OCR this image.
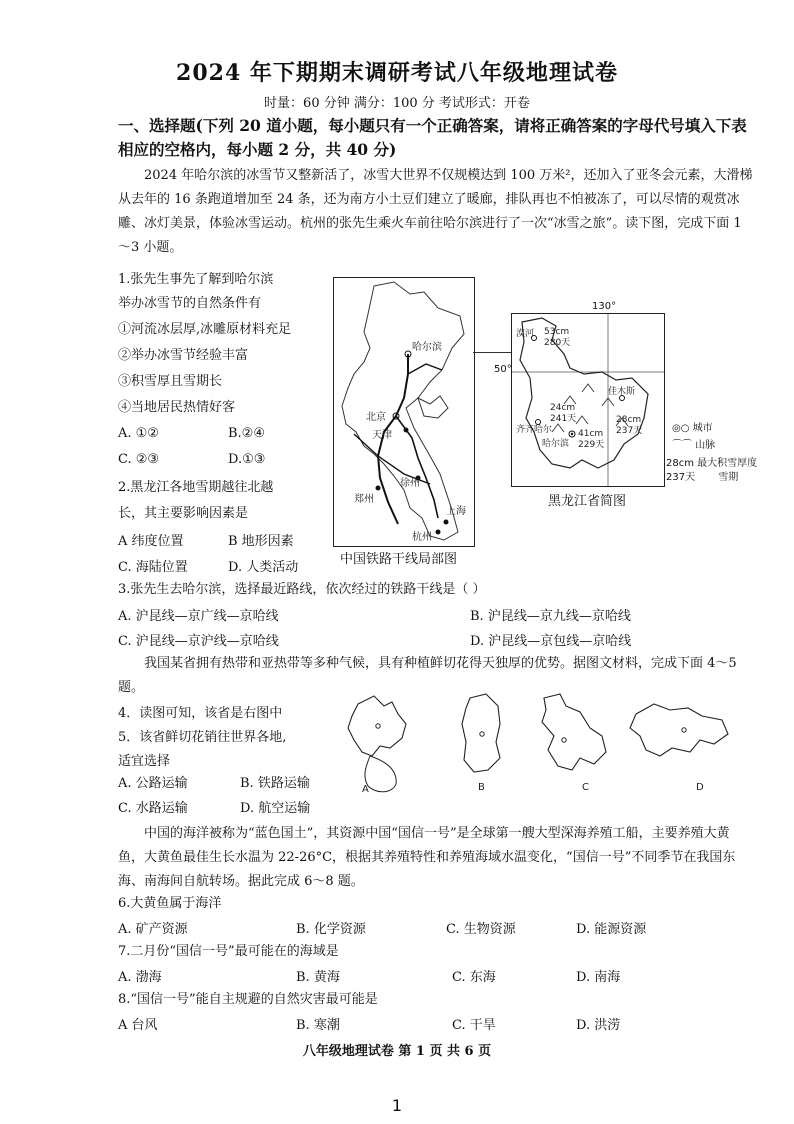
2024 年下期期末调研考试八年级地理试卷
时量：60 分钟 满分：100 分 考试形式：开卷
一、选择题(下列 20 道小题，每小题只有一个正确答案，请将正确答案的字母代号填入下表相应的空格内，每小题 2 分，共 40 分)
2024 年哈尔滨的冰雪节又整新活了，冰雪大世界不仅规模达到 100 万米²，还加入了亚冬会元素，大滑梯从去年的 16 条跑道增加至 24 条，还为南方小土豆们建立了暖廊，排队再也不怕被冻了，可以尽情的观赏冰雕、冰灯美景，体验冰雪运动。杭州的张先生乘火车前往哈尔滨进行了一次“冰雪之旅”。读下图，完成下面 1～3 小题。
1.张先生事先了解到哈尔滨
举办冰雪节的自然条件有
①河流冰层厚,冰雕原材料充足
②举办冰雪节经验丰富
③积雪厚且雪期长
④当地居民热情好客
A. ①②	B.②④
C. ②③	D.①③
2.黑龙江各地雪期越往北越
长，其主要影响因素是
A 纬度位置	B 地形因素
C. 海陆位置	D. 人类活动
哈尔滨
北京
天津
徐州
郑州
上海
杭州
中国铁路干线局部图
漠河
佳木斯
齐齐哈尔
哈尔滨
53cm
280天
24cm
241天	28cm
237天
41cm
229天
130°
50°
黑龙江省简图
◎○ 城市
⌒⌒ 山脉
28cm 最大积雪厚度
237天 雪期
3.张先生去哈尔滨，选择最近路线，依次经过的铁路干线是（ ）
A. 沪昆线—京广线—京哈线	B. 沪昆线—京九线—京哈线
C. 沪昆线—京沪线—京哈线	D. 沪昆线—京包线—京哈线
我国某省拥有热带和亚热带等多种气候，具有种植鲜切花得天独厚的优势。据图文材料，完成下面 4～5 题。
4．读图可知，该省是右图中
5．该省鲜切花销往世界各地,
适宜选择
A. 公路运输	B. 铁路运输
C. 水路运输	D. 航空运输
A	B	C	D
中国的海洋被称为“蓝色国土”，其资源中国“国信一号”是全球第一艘大型深海养殖工船，主要养殖大黄鱼，大黄鱼最佳生长水温为 22-26°C，根据其养殖特性和养殖海域水温变化，“国信一号”不同季节在我国东海、南海间自航转场。据此完成 6～8 题。
6.大黄鱼属于海洋
A. 矿产资源	B. 化学资源	C. 生物资源	D. 能源资源
7.二月份“国信一号”最可能在的海域是
A. 渤海	B. 黄海	C. 东海	D. 南海
8.“国信一号”能自主规避的自然灾害最可能是
A 台风	B. 寒潮	C. 干旱	D. 洪涝
八年级地理试卷 第 1 页 共 6 页
1
